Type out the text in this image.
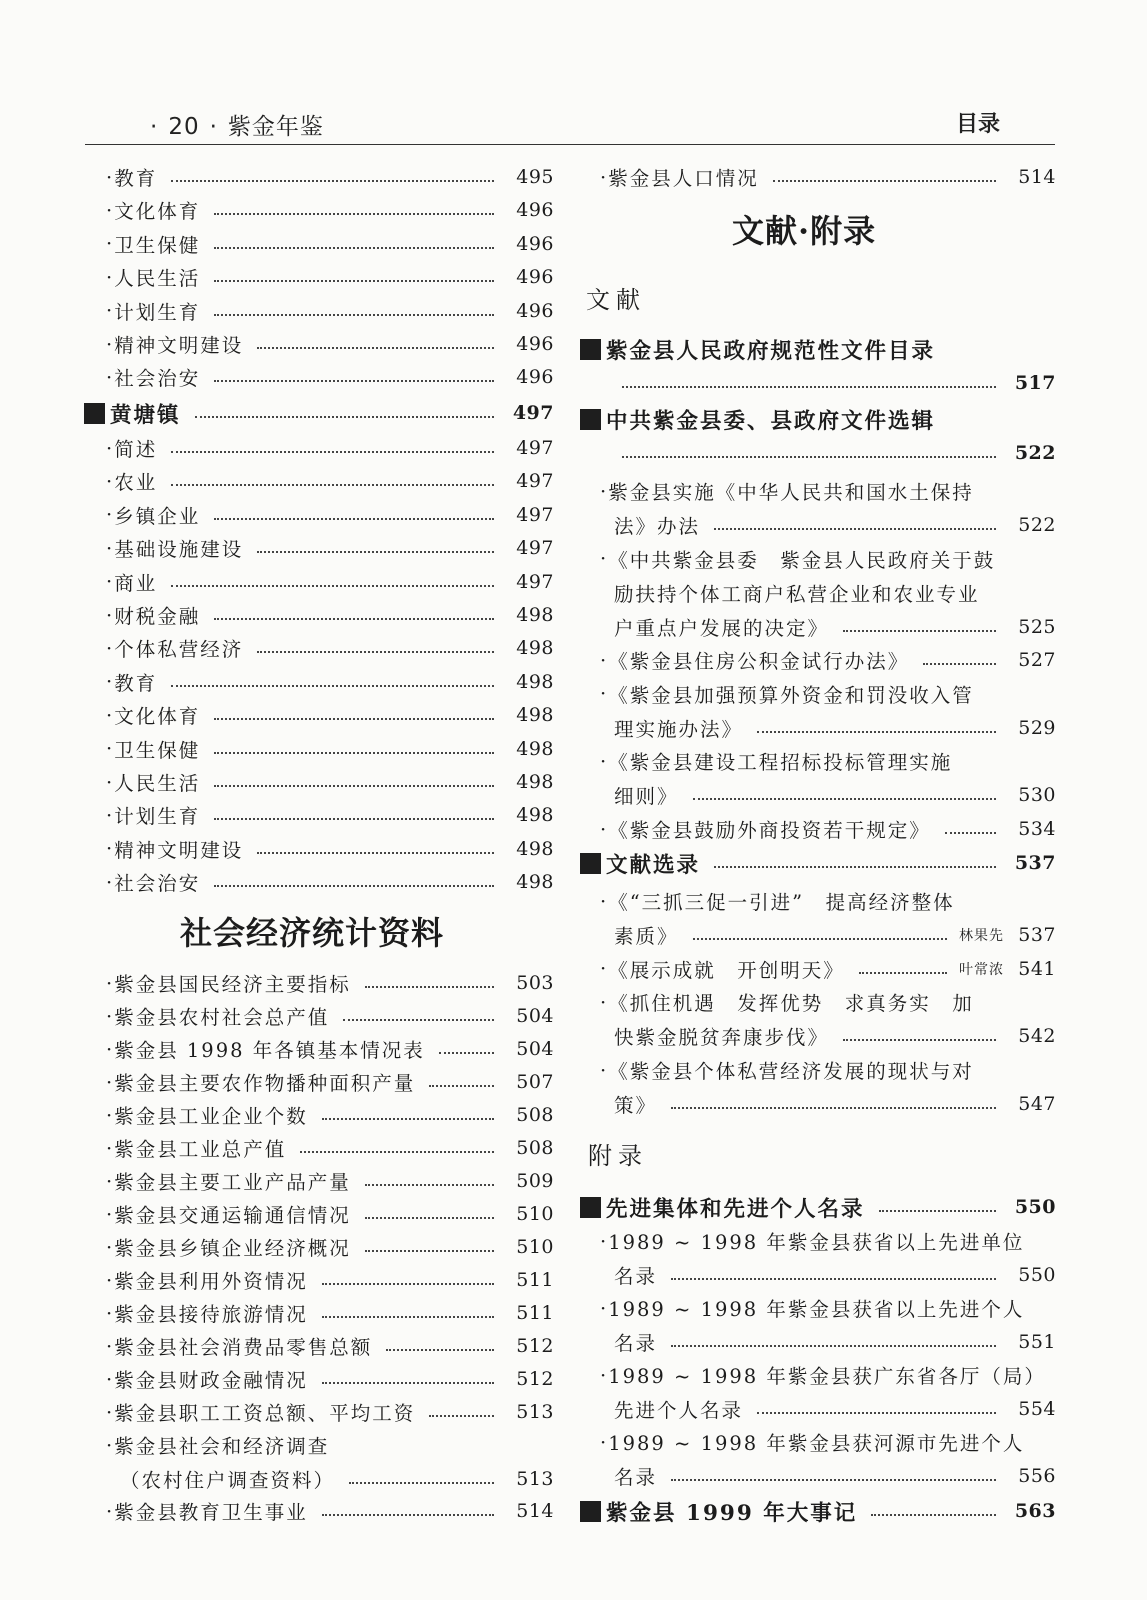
· 20 · 紫金年鉴	目录
· 教育	495
· 文化体育	496
· 卫生保健	496
· 人民生活	496
· 计划生育	496
· 精神文明建设	496
· 社会治安	496
黄塘镇	497
· 简述	497
· 农业	497
· 乡镇企业	497
· 基础设施建设	497
· 商业	497
· 财税金融	498
· 个体私营经济	498
· 教育	498
· 文化体育	498
· 卫生保健	498
· 人民生活	498
· 计划生育	498
· 精神文明建设	498
· 社会治安	498
社会经济统计资料
· 紫金县国民经济主要指标	503
· 紫金县农村社会总产值	504
· 紫金县 1998 年各镇基本情况表	504
· 紫金县主要农作物播种面积产量	507
· 紫金县工业企业个数	508
· 紫金县工业总产值	508
· 紫金县主要工业产品产量	509
· 紫金县交通运输通信情况	510
· 紫金县乡镇企业经济概况	510
· 紫金县利用外资情况	511
· 紫金县接待旅游情况	511
· 紫金县社会消费品零售总额	512
· 紫金县财政金融情况	512
· 紫金县职工工资总额、平均工资	513
· 紫金县社会和经济调查
（农村住户调查资料）	513
· 紫金县教育卫生事业	514
· 紫金县人口情况	514
文献·附录
文献
紫金县人民政府规范性文件目录
517
中共紫金县委、县政府文件选辑
522
· 紫金县实施《中华人民共和国水土保持
法》办法	522
· 《中共紫金县委　紫金县人民政府关于鼓
励扶持个体工商户私营企业和农业专业
户重点户发展的决定》	525
· 《紫金县住房公积金试行办法》	527
· 《紫金县加强预算外资金和罚没收入管
理实施办法》	529
· 《紫金县建设工程招标投标管理实施
细则》	530
· 《紫金县鼓励外商投资若干规定》	534
文献选录	537
· 《“三抓三促一引进”　提高经济整体
素质》	林果先 537
· 《展示成就　开创明天》	叶常浓 541
· 《抓住机遇　发挥优势　求真务实　加
快紫金脱贫奔康步伐》	542
· 《紫金县个体私营经济发展的现状与对
策》	547
附录
先进集体和先进个人名录	550
· 1989 ~ 1998 年紫金县获省以上先进单位
名录	550
· 1989 ~ 1998 年紫金县获省以上先进个人
名录	551
· 1989 ~ 1998 年紫金县获广东省各厅（局）
先进个人名录	554
· 1989 ~ 1998 年紫金县获河源市先进个人
名录	556
紫金县 1999 年大事记	563
